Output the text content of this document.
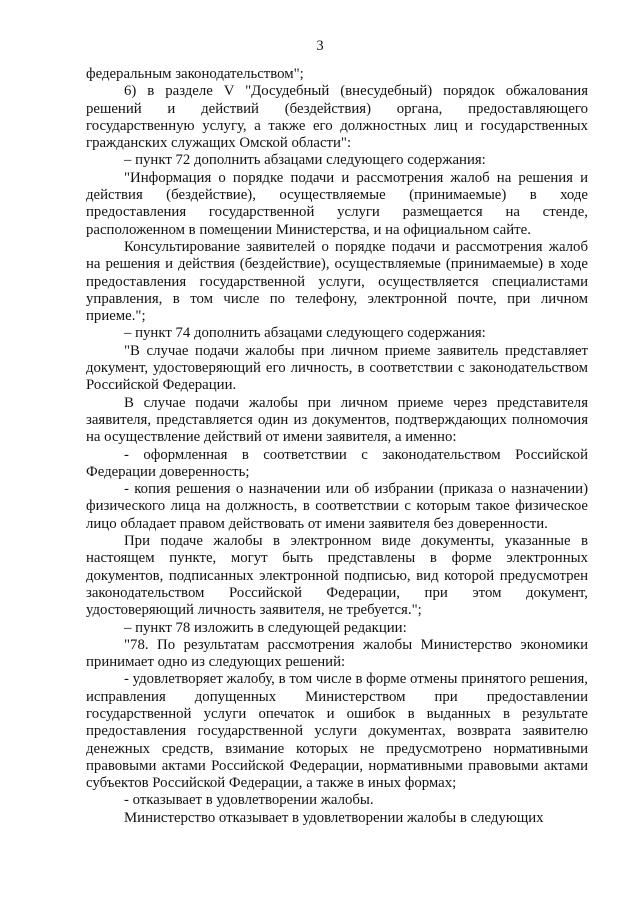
3

федеральным законодательством";

6) в разделе V "Досудебный (внесудебный) порядок обжалования решений и действий (бездействия) органа, предоставляющего государственную услугу, а также его должностных лиц и государственных гражданских служащих Омской области":

– пункт 72 дополнить абзацами следующего содержания:

"Информация о порядке подачи и рассмотрения жалоб на решения и действия (бездействие), осуществляемые (принимаемые) в ходе предоставления государственной услуги размещается на стенде, расположенном в помещении Министерства, и на официальном сайте.

Консультирование заявителей о порядке подачи и рассмотрения жалоб на решения и действия (бездействие), осуществляемые (принимаемые) в ходе предоставления государственной услуги, осуществляется специалистами управления, в том числе по телефону, электронной почте, при личном приеме.";

– пункт 74 дополнить абзацами следующего содержания:

"В случае подачи жалобы при личном приеме заявитель представляет документ, удостоверяющий его личность, в соответствии с законодательством Российской Федерации.

В случае подачи жалобы при личном приеме через представителя заявителя, представляется один из документов, подтверждающих полномочия на осуществление действий от имени заявителя, а именно:

- оформленная в соответствии с законодательством Российской Федерации доверенность;

- копия решения о назначении или об избрании (приказа о назначении) физического лица на должность, в соответствии с которым такое физическое лицо обладает правом действовать от имени заявителя без доверенности.

При подаче жалобы в электронном виде документы, указанные в настоящем пункте, могут быть представлены в форме электронных документов, подписанных электронной подписью, вид которой предусмотрен законодательством Российской Федерации, при этом документ, удостоверяющий личность заявителя, не требуется.";

– пункт 78 изложить в следующей редакции:

"78. По результатам рассмотрения жалобы Министерство экономики принимает одно из следующих решений:

- удовлетворяет жалобу, в том числе в форме отмены принятого решения, исправления допущенных Министерством при предоставлении государственной услуги опечаток и ошибок в выданных в результате предоставления государственной услуги документах, возврата заявителю денежных средств, взимание которых не предусмотрено нормативными правовыми актами Российской Федерации, нормативными правовыми актами субъектов Российской Федерации, а также в иных формах;

- отказывает в удовлетворении жалобы.

Министерство отказывает в удовлетворении жалобы в следующих
